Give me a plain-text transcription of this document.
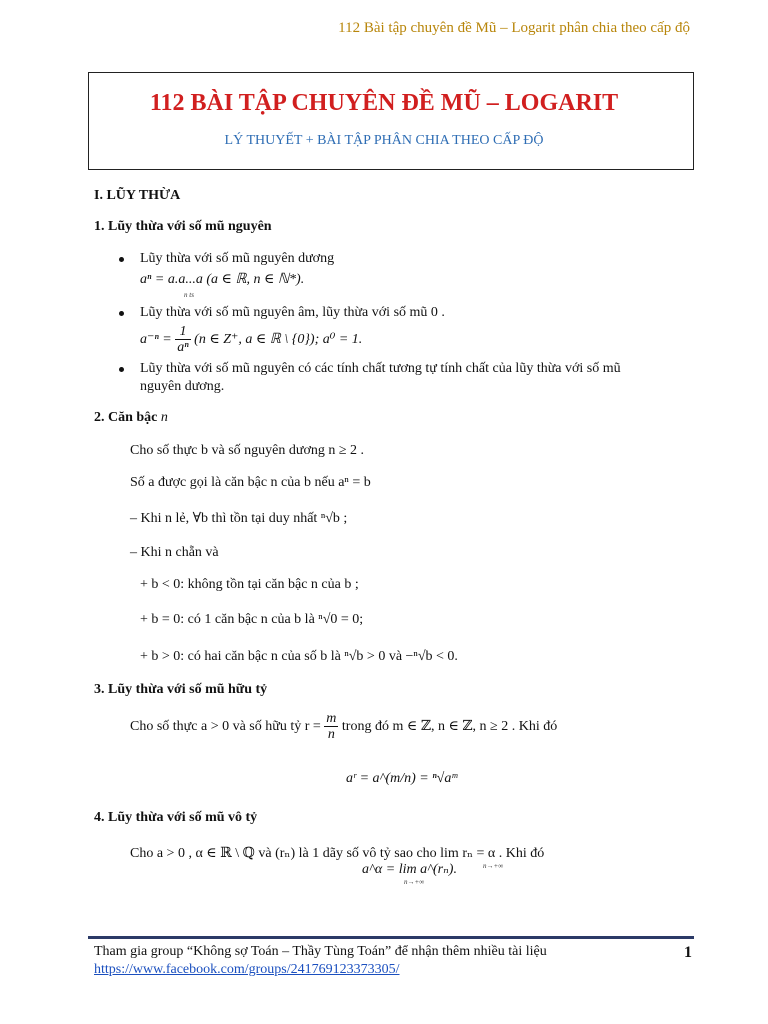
112 Bài tập chuyên đề Mũ – Logarit phân chia theo cấp độ
112 BÀI TẬP CHUYÊN ĐỀ MŨ – LOGARIT
LÝ THUYẾT + BÀI TẬP PHÂN CHIA THEO CẤP ĐỘ
I. LŨY THỪA
1. Lũy thừa với số mũ nguyên
Lũy thừa với số mũ nguyên dương
aⁿ = a.a...a (a ∈ ℝ, n ∈ ℕ*).
n ts
Lũy thừa với số mũ nguyên âm, lũy thừa với số mũ 0 .
$a^{-n} = \frac{1}{\text{aⁿ}} (n$ ∈ Z⁺, a ∈ ℝ \ {0}); a⁰ = 1.
Lũy thừa với số mũ nguyên có các tính chất tương tự tính chất của lũy thừa với số mũ
nguyên dương.
2. Căn bậc n
Cho số thực b và số nguyên dương n ≥ 2 .
Số a được gọi là căn bậc n của b nếu aⁿ = b
– Khi n lẻ, ∀b thì tồn tại duy nhất ⁿ√b ;
– Khi n chẵn và
+ b < 0: không tồn tại căn bậc n của b ;
+ b = 0: có 1 căn bậc n của b là ⁿ√0 = 0;
+ b > 0: có hai căn bậc n của số b là ⁿ√b > 0 và −ⁿ√b < 0.
3. Lũy thừa với số mũ hữu tỷ
Cho số thực a > 0 và số hữu tỷ $r = \frac{m}{n}$ trong đó m ∈ ℤ, n ∈ ℤ, n ≥ 2 . Khi đó
aʳ = a^(m/n) = ⁿ√aᵐ
4. Lũy thừa với số mũ vô tỷ
Cho a > 0 , α ∈ ℝ \ ℚ và (rₙ) là 1 dãy số vô tỷ sao cho lim rₙ = α . Khi đó
n→+∞
a^α = lim a^(rₙ).
n→+∞
Tham gia group “Không sợ Toán – Thầy Tùng Toán” để nhận thêm nhiều tài liệu
https://www.facebook.com/groups/241769123373305/
1
